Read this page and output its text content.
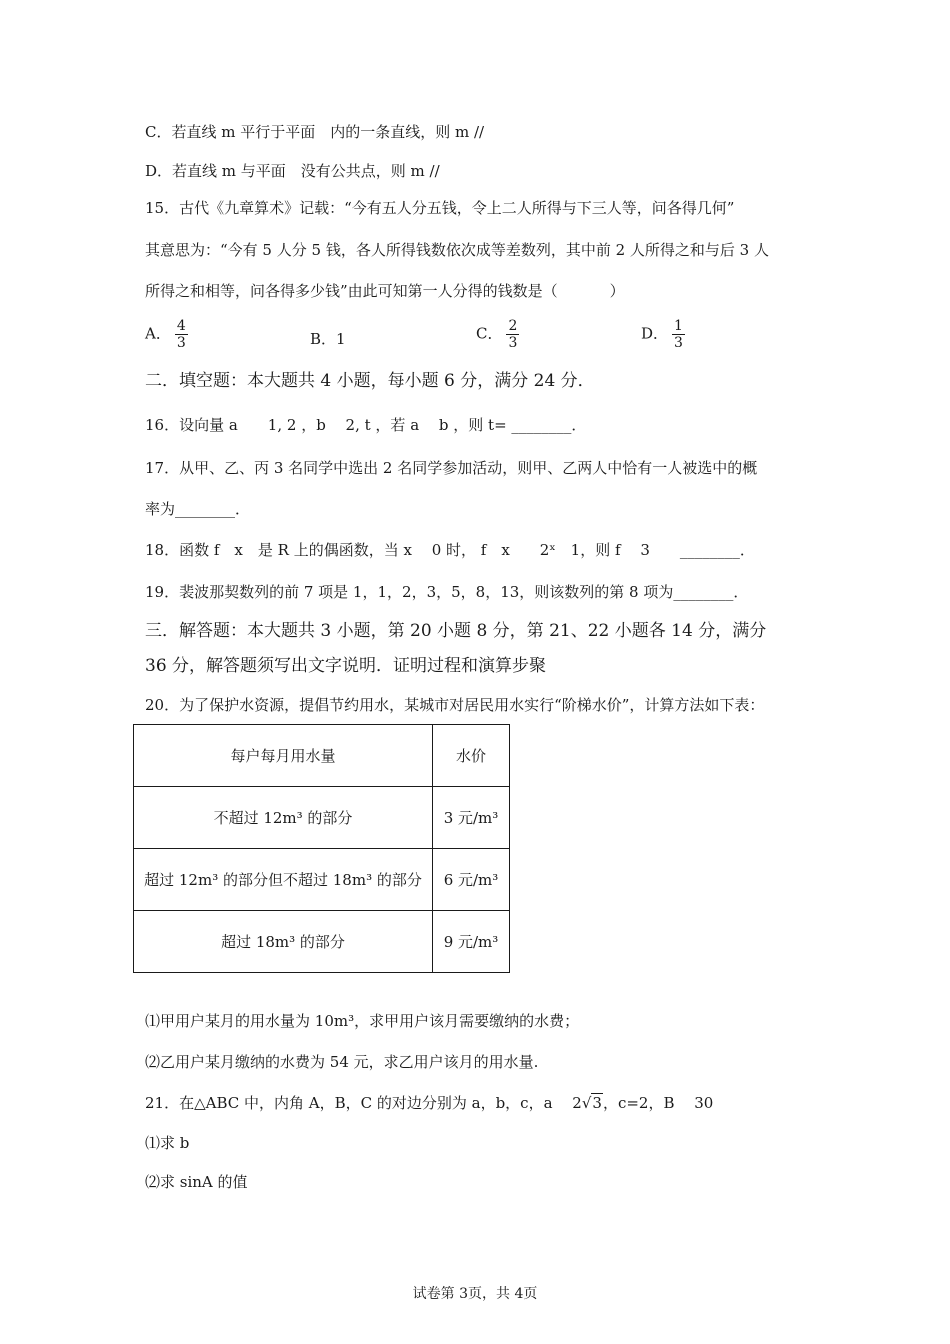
C．若直线 m 平行于平面　内的一条直线，则 m //
D．若直线 m 与平面　没有公共点，则 m //
15．古代《九章算术》记载：“今有五人分五钱，令上二人所得与下三人等，问各得几何”
其意思为：“今有 5 人分 5 钱，各人所得钱数依次成等差数列，其中前 2 人所得之和与后 3 人
所得之和相等，问各得多少钱”由此可知第一人分得的钱数是（	）
A． $\frac{4}{3}$	B．1	C． $\frac{2}{3}$	D． $\frac{1}{3}$
二．填空题：本大题共 4 小题，每小题 6 分，满分 24 分．
16．设向量 a　　1, 2 ，b　 2, t ，若 a　 b ，则 t= ________．
17．从甲、乙、丙 3 名同学中选出 2 名同学参加活动，则甲、乙两人中恰有一人被选中的概
率为________．
18．函数 f　x　是 R 上的偶函数，当 x　 0 时， f　x　　2ˣ　1，则 f　 3　　________．
19．裴波那契数列的前 7 项是 1，1，2，3，5，8，13，则该数列的第 8 项为________．
三．解答题：本大题共 3 小题，第 20 小题 8 分，第 21、22 小题各 14 分，满分
36 分，解答题须写出文字说明．证明过程和演算步聚
20．为了保护水资源，提倡节约用水，某城市对居民用水实行“阶梯水价”，计算方法如下表：
每户每月用水量	水价
不超过 12m³ 的部分	3 元/m³
超过 12m³ 的部分但不超过 18m³ 的部分	6 元/m³
超过 18m³ 的部分	9 元/m³
⑴甲用户某月的用水量为 10m³，求甲用户该月需要缴纳的水费；
⑵乙用户某月缴纳的水费为 54 元，求乙用户该月的用水量.
21．在△ABC 中，内角 A，B，C 的对边分别为 a，b，c，a　 2√3，c=2，B　 30
⑴求 b
⑵求 sinA 的值
试卷第 3页，共 4页
